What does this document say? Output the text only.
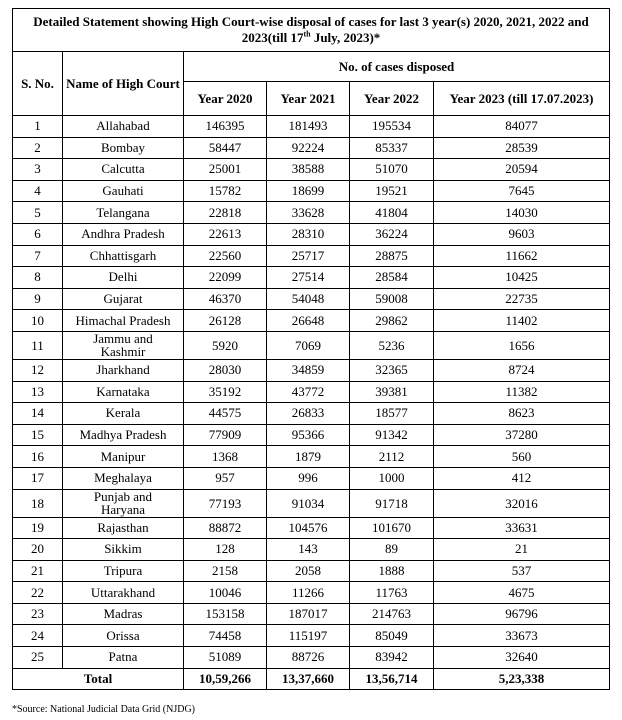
Detailed Statement showing High Court-wise disposal of cases for last 3 year(s) 2020, 2021, 2022 and 2023(till 17th July, 2023)*					
S. No.	Name of High Court	No. of cases disposed			
		Year 2020	Year 2021	Year 2022	Year 2023 (till 17.07.2023)
1	Allahabad	146395	181493	195534	84077
2	Bombay	58447	92224	85337	28539
3	Calcutta	25001	38588	51070	20594
4	Gauhati	15782	18699	19521	7645
5	Telangana	22818	33628	41804	14030
6	Andhra Pradesh	22613	28310	36224	9603
7	Chhattisgarh	22560	25717	28875	11662
8	Delhi	22099	27514	28584	10425
9	Gujarat	46370	54048	59008	22735
10	Himachal Pradesh	26128	26648	29862	11402
11	Jammu and Kashmir	5920	7069	5236	1656
12	Jharkhand	28030	34859	32365	8724
13	Karnataka	35192	43772	39381	11382
14	Kerala	44575	26833	18577	8623
15	Madhya Pradesh	77909	95366	91342	37280
16	Manipur	1368	1879	2112	560
17	Meghalaya	957	996	1000	412
18	Punjab and Haryana	77193	91034	91718	32016
19	Rajasthan	88872	104576	101670	33631
20	Sikkim	128	143	89	21
21	Tripura	2158	2058	1888	537
22	Uttarakhand	10046	11266	11763	4675
23	Madras	153158	187017	214763	96796
24	Orissa	74458	115197	85049	33673
25	Patna	51089	88726	83942	32640
Total		10,59,266	13,37,660	13,56,714	5,23,338
*Source: National Judicial Data Grid (NJDG)
